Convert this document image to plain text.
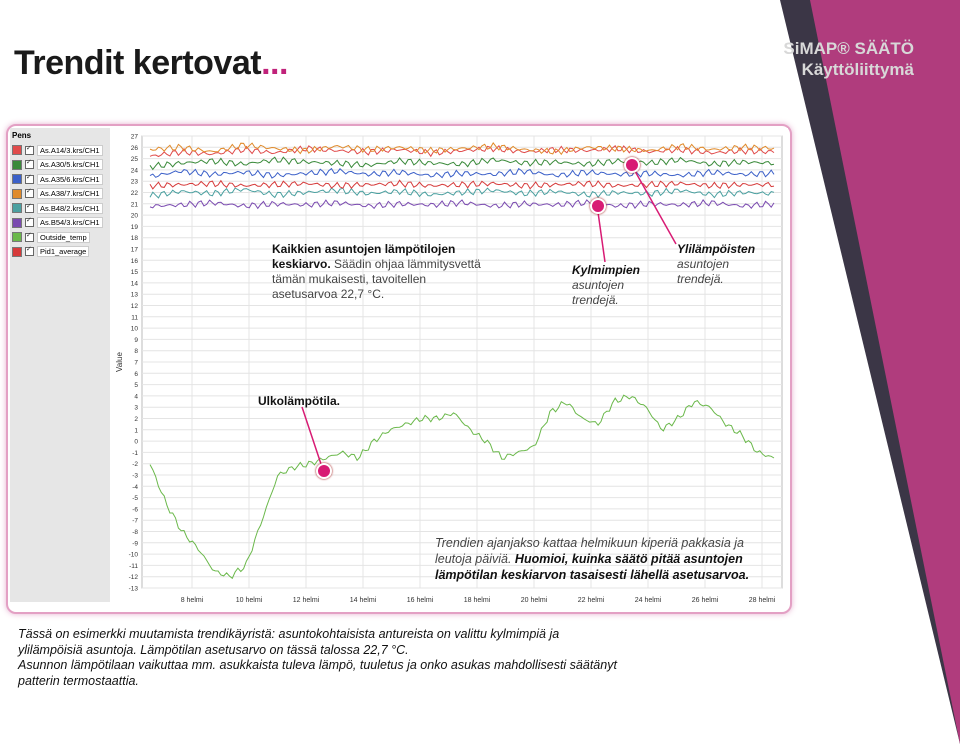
Trendit kertovat...	SiMAP® SÄÄTÖ
Käyttöliittymä
Pens
✓
As.A14/3.krs/CH1
✓
As.A30/5.krs/CH1
✓
As.A35/6.krs/CH1
✓
As.A38/7.krs/CH1
✓
As.B48/2.krs/CH1
✓
As.B54/3.krs/CH1
✓
Outside_temp
✓
Pid1_average
27
26
25
24
23
22
21
20
19
18
17
16
15
14
13
12
11
10
9
8
7
6
5
4
3
2
1
0
-1
-2
-3
-4
-5
-6
-7
-8
-9
-10
-11
-12
-13
8 helmi	10 helmi	12 helmi	14 helmi	16 helmi	18 helmi	20 helmi	22 helmi	24 helmi	26 helmi	28 helmi
Value
Kaikkien asuntojen lämpötilojen
keskiarvo. Säädin ohjaa lämmitysvettä
tämän mukaisesti, tavoitellen
asetusarvoa 22,7 °C.
Kylmimpien
asuntojen
trendejä.
Ylilämpöisten
asuntojen
trendejä.
Ulkolämpötila.
Trendien ajanjakso kattaa helmikuun kiperiä pakkasia ja
leutoja päiviä. Huomioi, kuinka säätö pitää asuntojen
lämpötilan keskiarvon tasaisesti lähellä asetusarvoa.
Tässä on esimerkki muutamista trendikäyristä: asuntokohtaisista antureista on valittu kylmimpiä ja
ylilämpöisiä asuntoja. Lämpötilan asetusarvo on tässä talossa 22,7 °C.
Asunnon lämpötilaan vaikuttaa mm. asukkaista tuleva lämpö, tuuletus ja onko asukas mahdollisesti säätänyt
patterin termostaattia.
